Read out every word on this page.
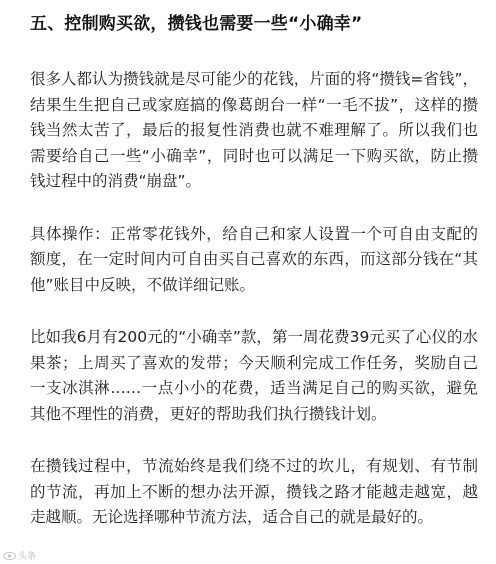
五、控制购买欲，攒钱也需要一些“小确幸”

很多人都认为攒钱就是尽可能少的花钱，片面的将“攒钱=省钱”，结果生生把自己或家庭搞的像葛朗台一样“一毛不拔”，这样的攒钱当然太苦了，最后的报复性消费也就不难理解了。所以我们也需要给自己一些“小确幸”，同时也可以满足一下购买欲，防止攒钱过程中的消费“崩盘”。

具体操作：正常零花钱外，给自己和家人设置一个可自由支配的额度，在一定时间内可自由买自己喜欢的东西，而这部分钱在“其他”账目中反映，不做详细记账。

比如我6月有200元的“小确幸”款，第一周花费39元买了心仪的水果茶；上周买了喜欢的发带；今天顺利完成工作任务，奖励自己一支冰淇淋……一点小小的花费，适当满足自己的购买欲，避免其他不理性的消费，更好的帮助我们执行攒钱计划。

在攒钱过程中，节流始终是我们绕不过的坎儿，有规划、有节制的节流，再加上不断的想办法开源，攒钱之路才能越走越宽，越走越顺。无论选择哪种节流方法，适合自己的就是最好的。

头条
